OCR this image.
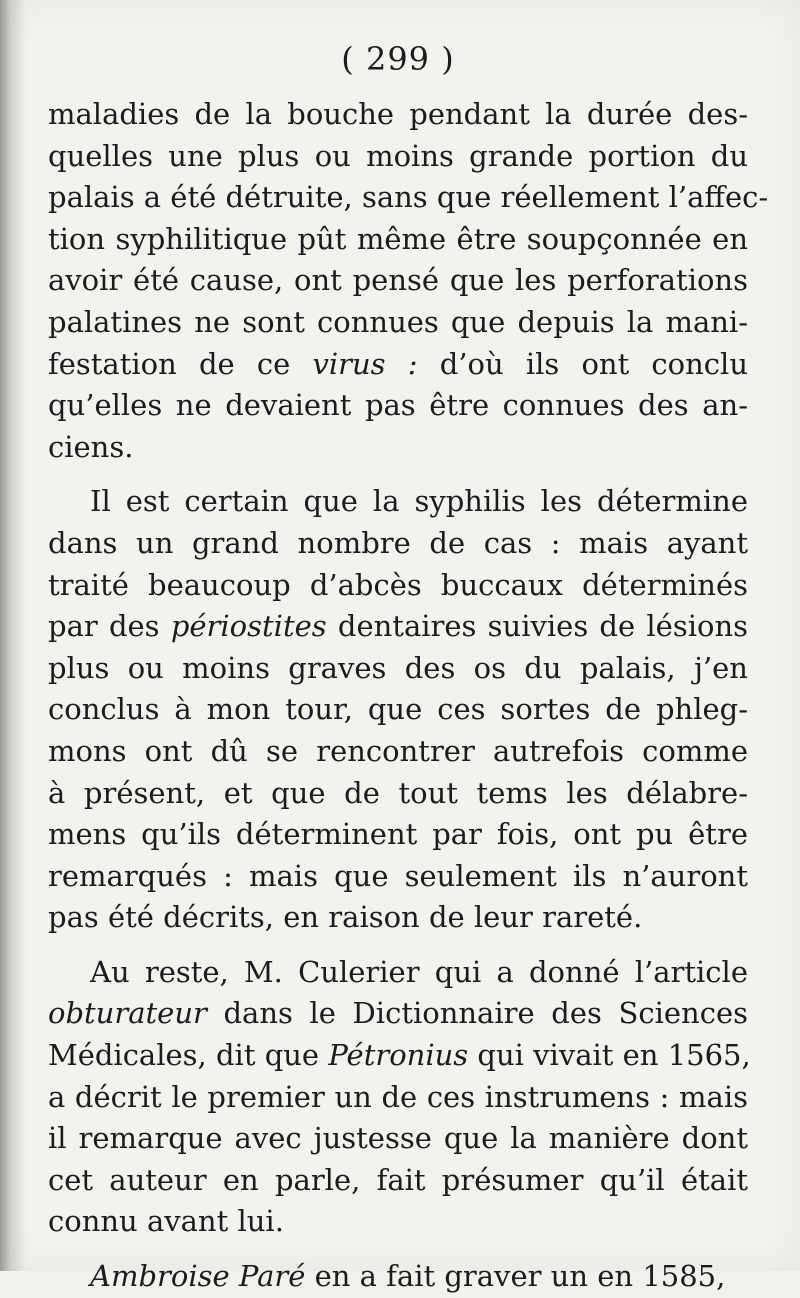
( 299 )

maladies de la bouche pendant la durée des-
quelles une plus ou moins grande portion du
palais a été détruite, sans que réellement l’affec-
tion syphilitique pût même être soupçonnée en
avoir été cause, ont pensé que les perforations
palatines ne sont connues que depuis la mani-
festation de ce virus : d’où ils ont conclu
qu’elles ne devaient pas être connues des an-
ciens.

Il est certain que la syphilis les détermine
dans un grand nombre de cas : mais ayant
traité beaucoup d’abcès buccaux déterminés
par des périostites dentaires suivies de lésions
plus ou moins graves des os du palais, j’en
conclus à mon tour, que ces sortes de phleg-
mons ont dû se rencontrer autrefois comme
à présent, et que de tout tems les délabre-
mens qu’ils déterminent par fois, ont pu être
remarqués : mais que seulement ils n’auront
pas été décrits, en raison de leur rareté.

Au reste, M. Culerier qui a donné l’article
obturateur dans le Dictionnaire des Sciences
Médicales, dit que Pétronius qui vivait en 1565,
a décrit le premier un de ces instrumens : mais
il remarque avec justesse que la manière dont
cet auteur en parle, fait présumer qu’il était
connu avant lui.

Ambroise Paré en a fait graver un en 1585,
